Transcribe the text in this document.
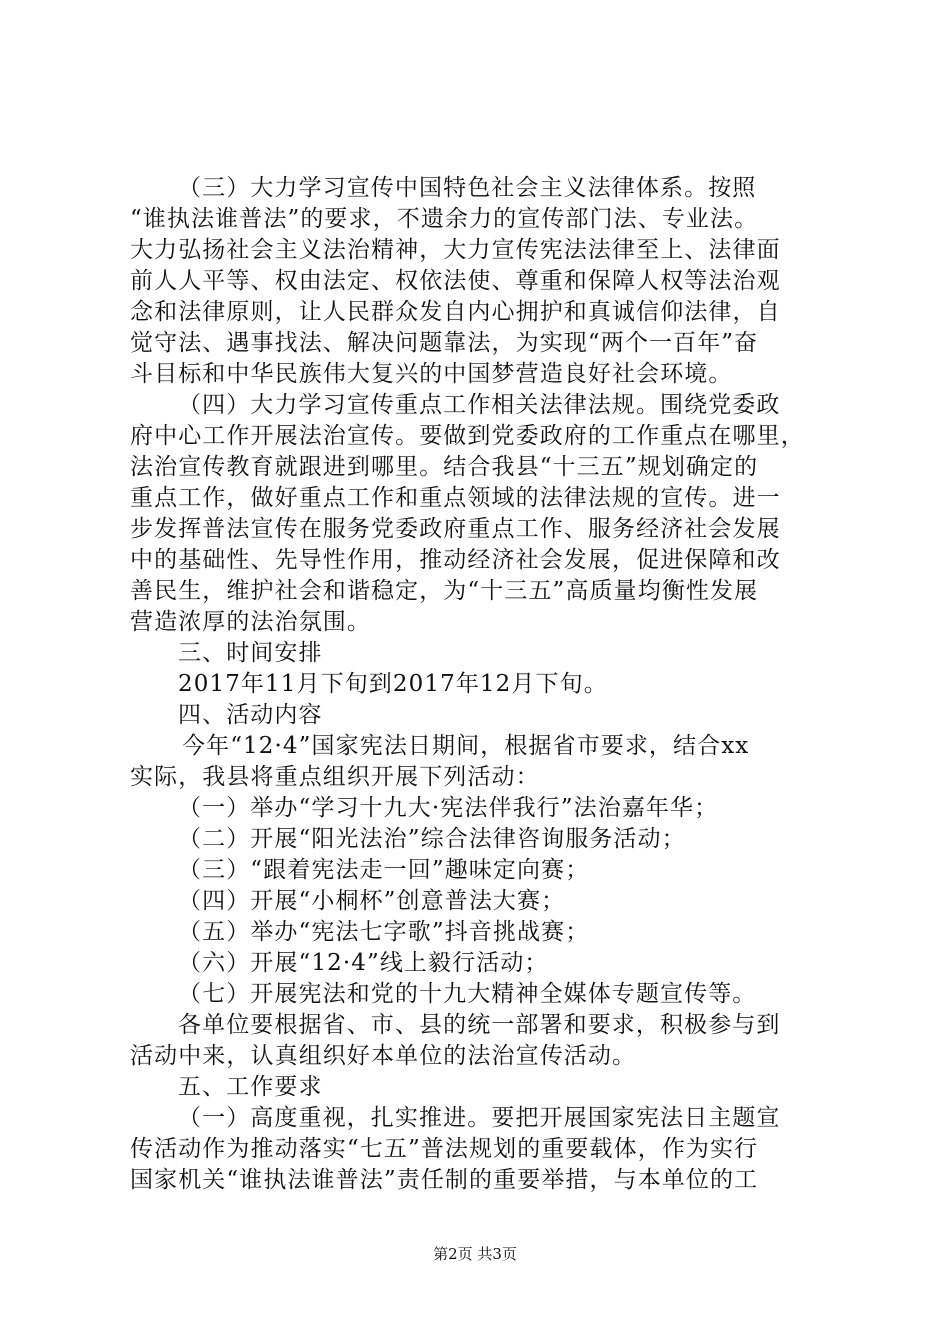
（三）大力学习宣传中国特色社会主义法律体系。按照
“谁执法谁普法”的要求，不遗余力的宣传部门法、专业法。
大力弘扬社会主义法治精神，大力宣传宪法法律至上、法律面
前人人平等、权由法定、权依法使、尊重和保障人权等法治观
念和法律原则，让人民群众发自内心拥护和真诚信仰法律，自
觉守法、遇事找法、解决问题靠法，为实现“两个一百年”奋
斗目标和中华民族伟大复兴的中国梦营造良好社会环境。
（四）大力学习宣传重点工作相关法律法规。围绕党委政
府中心工作开展法治宣传。要做到党委政府的工作重点在哪里，
法治宣传教育就跟进到哪里。结合我县“十三五”规划确定的
重点工作，做好重点工作和重点领域的法律法规的宣传。进一
步发挥普法宣传在服务党委政府重点工作、服务经济社会发展
中的基础性、先导性作用，推动经济社会发展，促进保障和改
善民生，维护社会和谐稳定，为“十三五”高质量均衡性发展
营造浓厚的法治氛围。
三、时间安排
2017年11月下旬到2017年12月下旬。
四、活动内容
今年“12·4”国家宪法日期间，根据省市要求，结合xx
实际，我县将重点组织开展下列活动：
（一）举办“学习十九大·宪法伴我行”法治嘉年华；
（二）开展“阳光法治”综合法律咨询服务活动；
（三）“跟着宪法走一回”趣味定向赛；
（四）开展“小桐杯”创意普法大赛；
（五）举办“宪法七字歌”抖音挑战赛；
（六）开展“12·4”线上毅行活动；
（七）开展宪法和党的十九大精神全媒体专题宣传等。
各单位要根据省、市、县的统一部署和要求，积极参与到
活动中来，认真组织好本单位的法治宣传活动。
五、工作要求
（一）高度重视，扎实推进。要把开展国家宪法日主题宣
传活动作为推动落实“七五”普法规划的重要载体，作为实行
国家机关“谁执法谁普法”责任制的重要举措，与本单位的工
第2页 共3页
